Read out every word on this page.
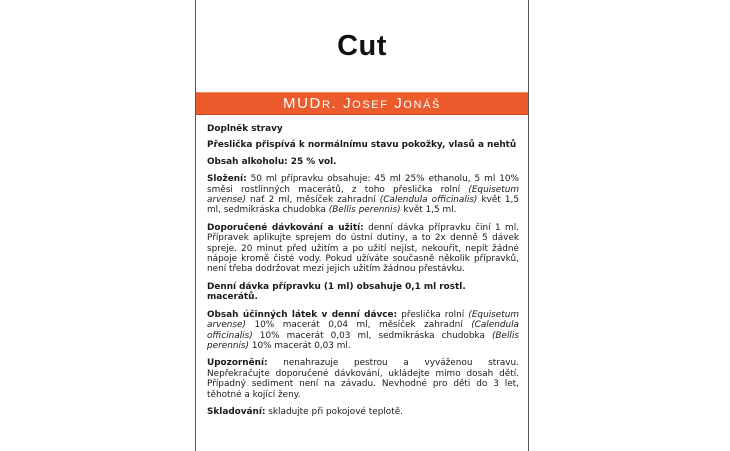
Cut
MUDr. Josef Jonáš

Doplněk stravy

Přeslička přispívá k normálnímu stavu pokožky, vlasů a nehtů

Obsah alkoholu: 25 % vol.

Složení: 50 ml přípravku obsahuje: 45 ml 25% ethanolu, 5 ml 10% směsi rostlinných macerátů, z toho přeslička rolní (Equisetum arvense) nať 2 ml, měsíček zahradní (Calendula officinalis) květ 1,5 ml, sedmikráska chudobka (Bellis perennis) květ 1,5 ml.

Doporučené dávkování a užití: denní dávka přípravku činí 1 ml. Přípravek aplikujte sprejem do ústní dutiny, a to 2x denně 5 dávek spreje. 20 minut před užitím a po užití nejíst, nekouřit, nepít žádné nápoje kromě čisté vody. Pokud užíváte současně několik přípravků, není třeba dodržovat mezi jejich užitím žádnou přestávku.

Denní dávka přípravku (1 ml) obsahuje 0,1 ml rostl. macerátů.

Obsah účinných látek v denní dávce: přeslička rolní (Equisetum arvense) 10% macerát 0,04 ml, měsíček zahradní (Calendula officinalis) 10% macerát 0,03 ml, sedmikráska chudobka (Bellis perennis) 10% macerát 0,03 ml.

Upozornění: nenahrazuje pestrou a vyváženou stravu. Nepřekračujte doporučené dávkování, ukládejte mimo dosah dětí. Případný sediment není na závadu. Nevhodné pro děti do 3 let, těhotné a kojící ženy.

Skladování: skladujte při pokojové teplotě.
